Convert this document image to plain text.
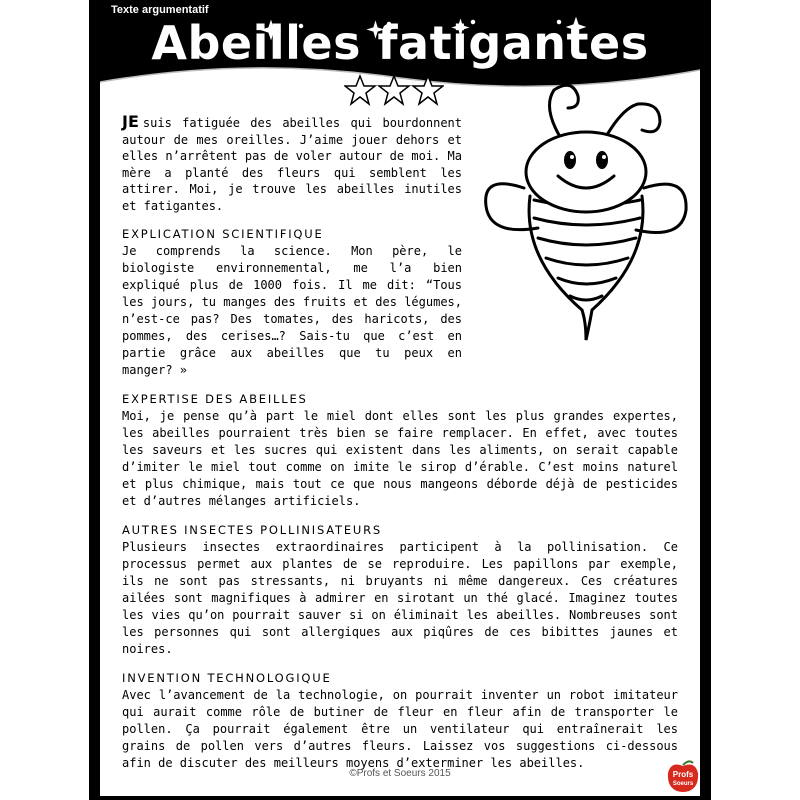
Texte argumentatif
Abeilles fatigantes

JE suis fatiguée des abeilles qui bourdonnent autour de mes oreilles. J’aime jouer dehors et elles n’arrêtent pas de voler autour de moi. Ma mère a planté des fleurs qui semblent les attirer. Moi, je trouve les abeilles inutiles et fatigantes.

EXPLICATION SCIENTIFIQUE

Je comprends la science. Mon père, le biologiste environnemental, me l’a bien expliqué plus de 1000 fois. Il me dit: “Tous les jours, tu manges des fruits et des légumes, n’est-ce pas? Des tomates, des haricots, des pommes, des cerises…? Sais-tu que c’est en partie grâce aux abeilles que tu peux en manger? »

EXPERTISE DES ABEILLES

Moi, je pense qu’à part le miel dont elles sont les plus grandes expertes, les abeilles pourraient très bien se faire remplacer. En effet, avec toutes les saveurs et les sucres qui existent dans les aliments, on serait capable d’imiter le miel tout comme on imite le sirop d’érable. C’est moins naturel et plus chimique, mais tout ce que nous mangeons déborde déjà de pesticides et d’autres mélanges artificiels.

AUTRES INSECTES POLLINISATEURS

Plusieurs insectes extraordinaires participent à la pollinisation. Ce processus permet aux plantes de se reproduire. Les papillons par exemple, ils ne sont pas stressants, ni bruyants ni même dangereux. Ces créatures ailées sont magnifiques à admirer en sirotant un thé glacé. Imaginez toutes les vies qu’on pourrait sauver si on éliminait les abeilles. Nombreuses sont les personnes qui sont allergiques aux piqûres de ces bibittes jaunes et noires.

INVENTION TECHNOLOGIQUE

Avec l’avancement de la technologie, on pourrait inventer un robot imitateur qui aurait comme rôle de butiner de fleur en fleur afin de transporter le pollen. Ça pourrait également être un ventilateur qui entraînerait les grains de pollen vers d’autres fleurs. Laissez vos suggestions ci-dessous afin de discuter des meilleurs moyens d’exterminer les abeilles.

©Profs et Soeurs 2015	Profs
Soeurs
